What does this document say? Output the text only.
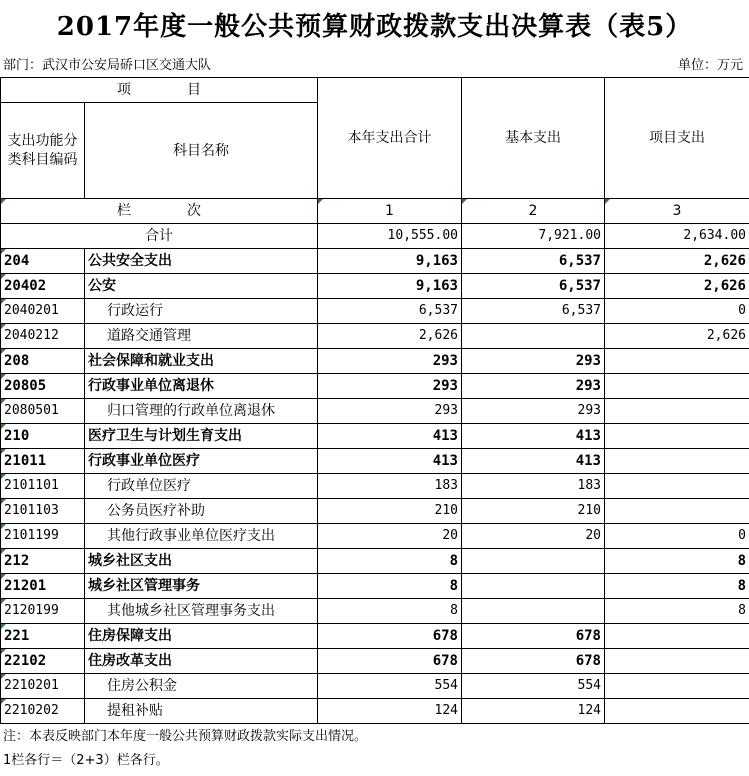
2017年度一般公共预算财政拨款支出决算表（表5）
部门：武汉市公安局硚口区交通大队	单位：万元
项　　　　目		本年支出合计	基本支出	项目支出
支出功能分类科目编码	科目名称			
栏　　　　次		1	2	3
合计		10,555.00	7,921.00	2,634.00
204	公共安全支出	9,163	6,537	2,626
20402	公安	9,163	6,537	2,626
2040201	行政运行	6,537	6,537	0
2040212	道路交通管理	2,626		2,626
208	社会保障和就业支出	293	293	
20805	行政事业单位离退休	293	293	
2080501	归口管理的行政单位离退休	293	293	
210	医疗卫生与计划生育支出	413	413	
21011	行政事业单位医疗	413	413	
2101101	行政单位医疗	183	183	
2101103	公务员医疗补助	210	210	
2101199	其他行政事业单位医疗支出	20	20	0
212	城乡社区支出	8		8
21201	城乡社区管理事务	8		8
2120199	其他城乡社区管理事务支出	8		8
221	住房保障支出	678	678	
22102	住房改革支出	678	678	
2210201	住房公积金	554	554	
2210202	提租补贴	124	124	
注：本表反映部门本年度一般公共预算财政拨款实际支出情况。
1栏各行＝（2+3）栏各行。
